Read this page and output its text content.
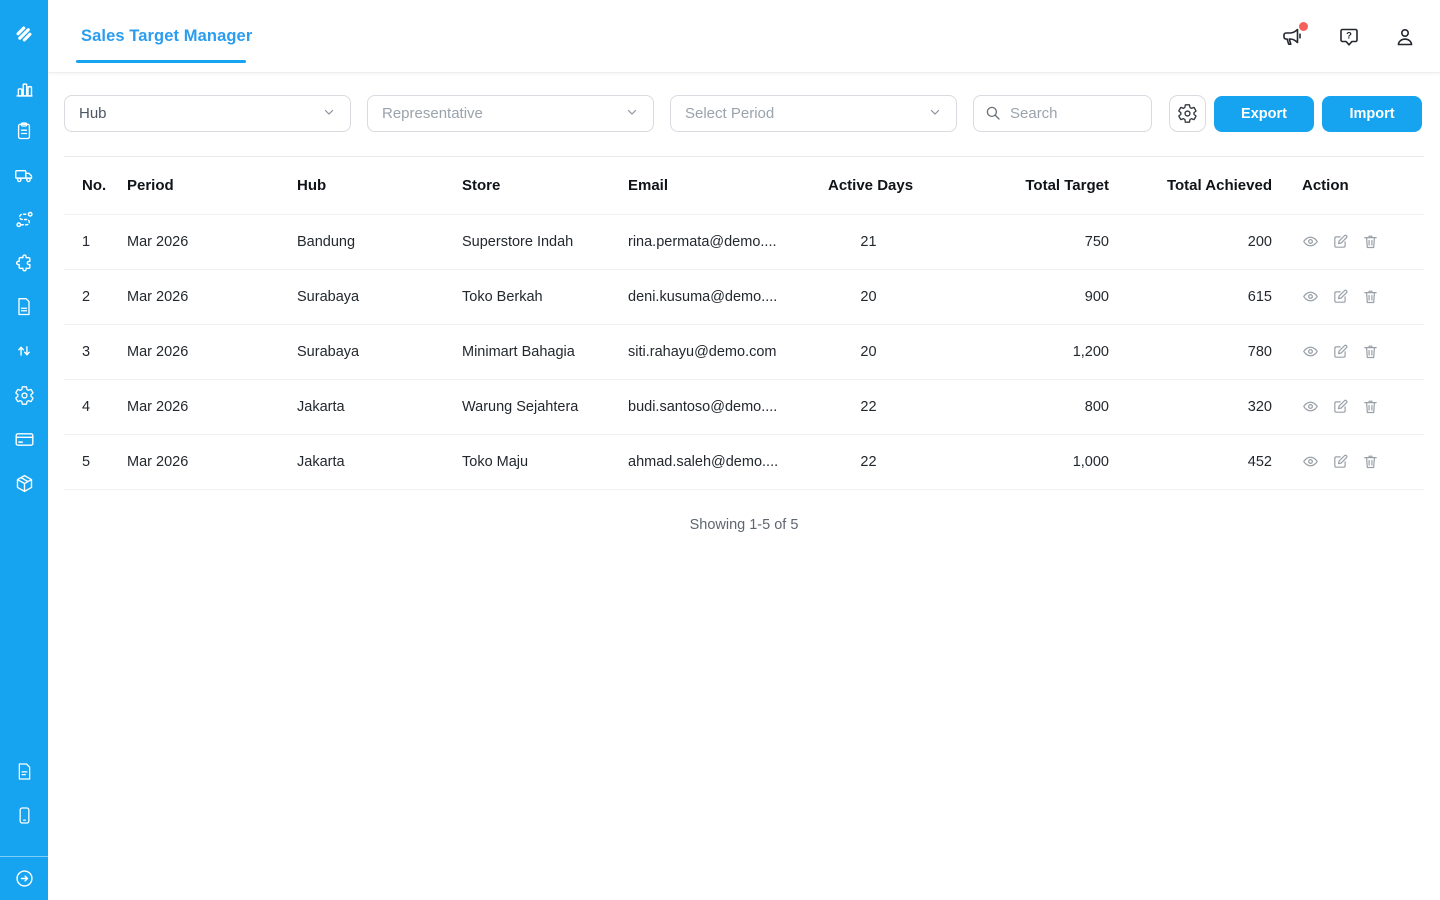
Sales Target Manager	?
Hub	Representative	Select Period
Search	Export	Import
No.	Period	Hub	Store	Email	Active Days	Total Target	Total Achieved	Action
1	Mar 2026	Bandung	Superstore Indah	rina.permata@demo....	21	750	200	

2	Mar 2026	Surabaya	Toko Berkah	deni.kusuma@demo....	20	900	615	

3	Mar 2026	Surabaya	Minimart Bahagia	siti.rahayu@demo.com	20	1,200	780	

4	Mar 2026	Jakarta	Warung Sejahtera	budi.santoso@demo....	22	800	320	

5	Mar 2026	Jakarta	Toko Maju	ahmad.saleh@demo....	22	1,000	452	
Showing 1-5 of 5
